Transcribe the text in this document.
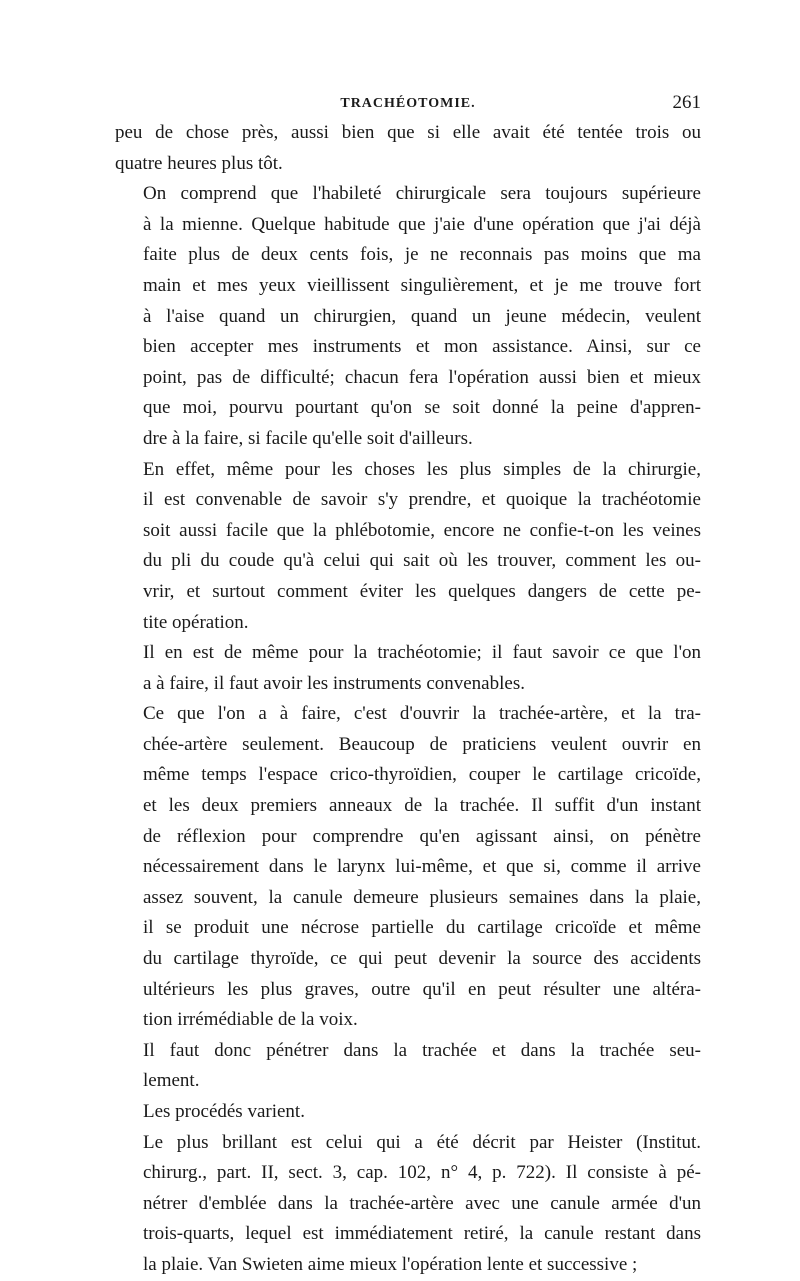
TRACHÉOTOMIE.	261

peu de chose près, aussi bien que si elle avait été tentée trois ou
quatre heures plus tôt.

On comprend que l'habileté chirurgicale sera toujours supérieure
à la mienne. Quelque habitude que j'aie d'une opération que j'ai déjà
faite plus de deux cents fois, je ne reconnais pas moins que ma
main et mes yeux vieillissent singulièrement, et je me trouve fort
à l'aise quand un chirurgien, quand un jeune médecin, veulent
bien accepter mes instruments et mon assistance. Ainsi, sur ce
point, pas de difficulté; chacun fera l'opération aussi bien et mieux
que moi, pourvu pourtant qu'on se soit donné la peine d'appren-
dre à la faire, si facile qu'elle soit d'ailleurs.

En effet, même pour les choses les plus simples de la chirurgie,
il est convenable de savoir s'y prendre, et quoique la trachéotomie
soit aussi facile que la phlébotomie, encore ne confie-t-on les veines
du pli du coude qu'à celui qui sait où les trouver, comment les ou-
vrir, et surtout comment éviter les quelques dangers de cette pe-
tite opération.

Il en est de même pour la trachéotomie; il faut savoir ce que l'on
a à faire, il faut avoir les instruments convenables.

Ce que l'on a à faire, c'est d'ouvrir la trachée-artère, et la tra-
chée-artère seulement. Beaucoup de praticiens veulent ouvrir en
même temps l'espace crico-thyroïdien, couper le cartilage cricoïde,
et les deux premiers anneaux de la trachée. Il suffit d'un instant
de réflexion pour comprendre qu'en agissant ainsi, on pénètre
nécessairement dans le larynx lui-même, et que si, comme il arrive
assez souvent, la canule demeure plusieurs semaines dans la plaie,
il se produit une nécrose partielle du cartilage cricoïde et même
du cartilage thyroïde, ce qui peut devenir la source des accidents
ultérieurs les plus graves, outre qu'il en peut résulter une altéra-
tion irrémédiable de la voix.

Il faut donc pénétrer dans la trachée et dans la trachée seu-
lement.

Les procédés varient.

Le plus brillant est celui qui a été décrit par Heister (Institut.
chirurg., part. II, sect. 3, cap. 102, n° 4, p. 722). Il consiste à pé-
nétrer d'emblée dans la trachée-artère avec une canule armée d'un
trois-quarts, lequel est immédiatement retiré, la canule restant dans
la plaie. Van Swieten aime mieux l'opération lente et successive ;
